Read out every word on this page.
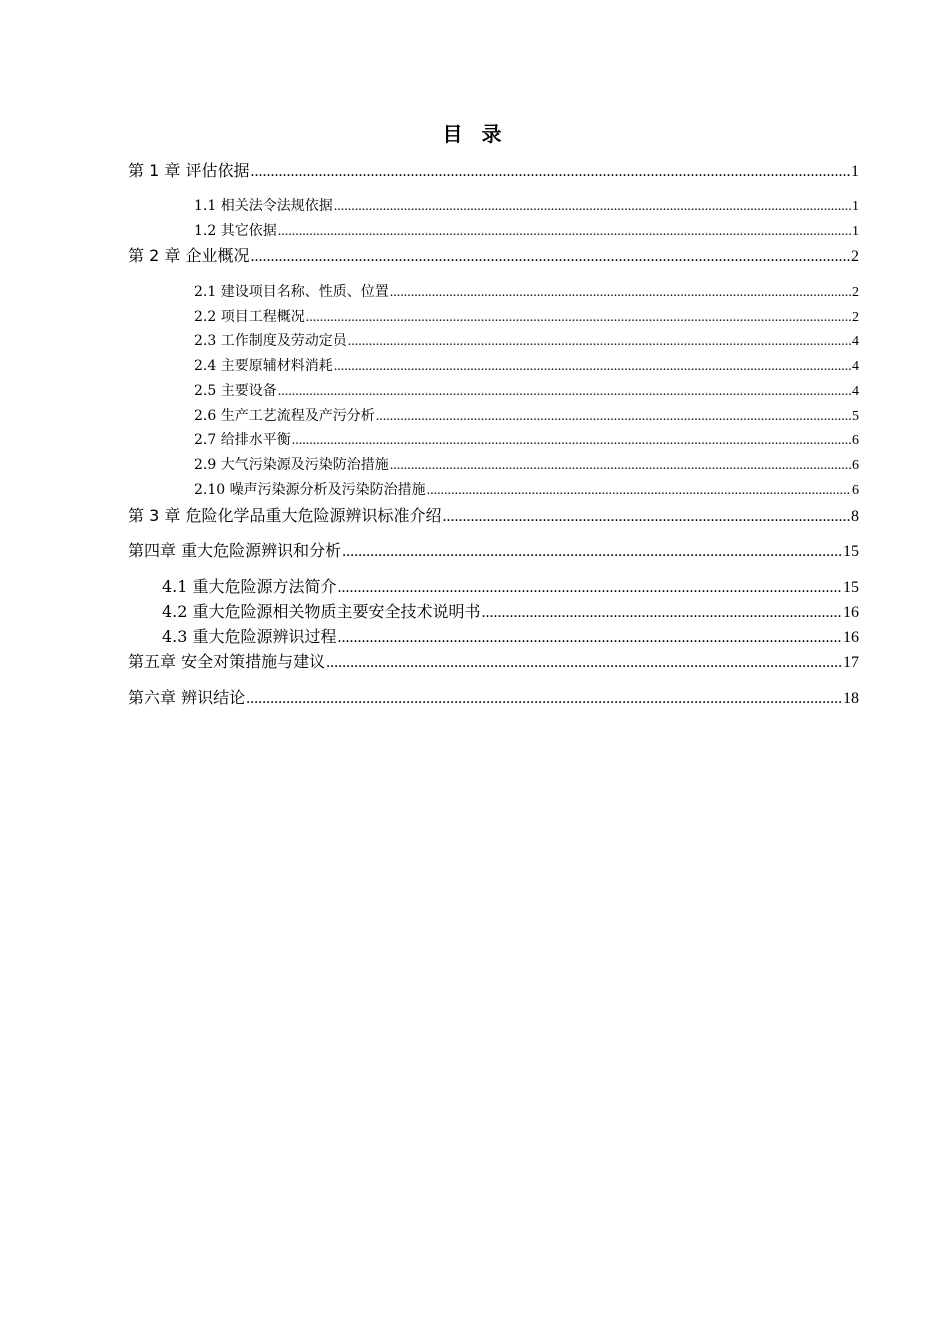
目 录
第 1 章 评估依据 .....	1
1.1 相关法令法规依据 .....	1
1.2 其它依据 .....	1
第 2 章 企业概况 .....	2
2.1 建设项目名称、性质、位置 .....	2
2.2 项目工程概况 .....	2
2.3 工作制度及劳动定员 .....	4
2.4 主要原辅材料消耗 .....	4
2.5 主要设备 .....	4
2.6 生产工艺流程及产污分析 .....	5
2.7 给排水平衡 .....	6
2.9 大气污染源及污染防治措施 .....	6
2.10 噪声污染源分析及污染防治措施 .....	6
第 3 章 危险化学品重大危险源辨识标准介绍 .....	8
第四章 重大危险源辨识和分析 .....	15
4.1 重大危险源方法简介 .....	15
4.2 重大危险源相关物质主要安全技术说明书 .....	16
4.3 重大危险源辨识过程 .....	16
第五章 安全对策措施与建议 .....	17
第六章 辨识结论 .....	18
